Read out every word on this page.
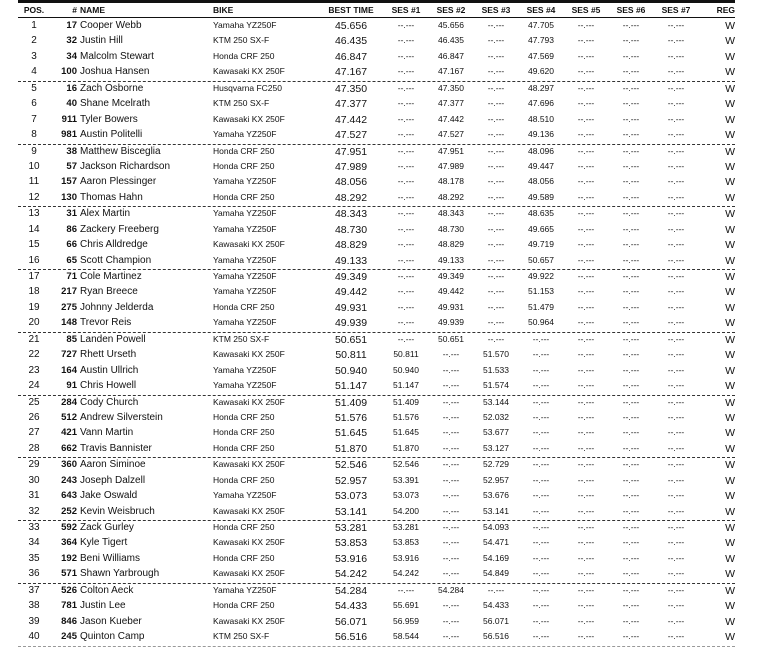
POS.	# NAME	BIKE	BEST TIME	SES #1	SES #2	SES #3	SES #4	SES #5	SES #6	SES #7	REG
1	17 Cooper Webb	Yamaha YZ250F	45.656	--.---	45.656	--.---	47.705	--.---	--.---	--.---	W
2	32 Justin Hill	KTM 250 SX-F	46.435	--.---	46.435	--.---	47.793	--.---	--.---	--.---	W
3	34 Malcolm Stewart	Honda CRF 250	46.847	--.---	46.847	--.---	47.569	--.---	--.---	--.---	W
4	100 Joshua Hansen	Kawasaki KX 250F	47.167	--.---	47.167	--.---	49.620	--.---	--.---	--.---	W
5	16 Zach Osborne	Husqvarna FC250	47.350	--.---	47.350	--.---	48.297	--.---	--.---	--.---	W
6	40 Shane Mcelrath	KTM 250 SX-F	47.377	--.---	47.377	--.---	47.696	--.---	--.---	--.---	W
7	911 Tyler Bowers	Kawasaki KX 250F	47.442	--.---	47.442	--.---	48.510	--.---	--.---	--.---	W
8	981 Austin Politelli	Yamaha YZ250F	47.527	--.---	47.527	--.---	49.136	--.---	--.---	--.---	W
9	38 Matthew Bisceglia	Honda CRF 250	47.951	--.---	47.951	--.---	48.096	--.---	--.---	--.---	W
10	57 Jackson Richardson	Honda CRF 250	47.989	--.---	47.989	--.---	49.447	--.---	--.---	--.---	W
11	157 Aaron Plessinger	Yamaha YZ250F	48.056	--.---	48.178	--.---	48.056	--.---	--.---	--.---	W
12	130 Thomas Hahn	Honda CRF 250	48.292	--.---	48.292	--.---	49.589	--.---	--.---	--.---	W
13	31 Alex Martin	Yamaha YZ250F	48.343	--.---	48.343	--.---	48.635	--.---	--.---	--.---	W
14	86 Zackery Freeberg	Yamaha YZ250F	48.730	--.---	48.730	--.---	49.665	--.---	--.---	--.---	W
15	66 Chris Alldredge	Kawasaki KX 250F	48.829	--.---	48.829	--.---	49.719	--.---	--.---	--.---	W
16	65 Scott Champion	Yamaha YZ250F	49.133	--.---	49.133	--.---	50.657	--.---	--.---	--.---	W
17	71 Cole Martinez	Yamaha YZ250F	49.349	--.---	49.349	--.---	49.922	--.---	--.---	--.---	W
18	217 Ryan Breece	Yamaha YZ250F	49.442	--.---	49.442	--.---	51.153	--.---	--.---	--.---	W
19	275 Johnny Jelderda	Honda CRF 250	49.931	--.---	49.931	--.---	51.479	--.---	--.---	--.---	W
20	148 Trevor Reis	Yamaha YZ250F	49.939	--.---	49.939	--.---	50.964	--.---	--.---	--.---	W
21	85 Landen Powell	KTM 250 SX-F	50.651	--.---	50.651	--.---	--.---	--.---	--.---	--.---	W
22	727 Rhett Urseth	Kawasaki KX 250F	50.811	50.811	--.---	51.570	--.---	--.---	--.---	--.---	W
23	164 Austin Ullrich	Yamaha YZ250F	50.940	50.940	--.---	51.533	--.---	--.---	--.---	--.---	W
24	91 Chris Howell	Yamaha YZ250F	51.147	51.147	--.---	51.574	--.---	--.---	--.---	--.---	W
25	284 Cody Church	Kawasaki KX 250F	51.409	51.409	--.---	53.144	--.---	--.---	--.---	--.---	W
26	512 Andrew Silverstein	Honda CRF 250	51.576	51.576	--.---	52.032	--.---	--.---	--.---	--.---	W
27	421 Vann Martin	Honda CRF 250	51.645	51.645	--.---	53.677	--.---	--.---	--.---	--.---	W
28	662 Travis Bannister	Honda CRF 250	51.870	51.870	--.---	53.127	--.---	--.---	--.---	--.---	W
29	360 Aaron Siminoe	Kawasaki KX 250F	52.546	52.546	--.---	52.729	--.---	--.---	--.---	--.---	W
30	243 Joseph Dalzell	Honda CRF 250	52.957	53.391	--.---	52.957	--.---	--.---	--.---	--.---	W
31	643 Jake Oswald	Yamaha YZ250F	53.073	53.073	--.---	53.676	--.---	--.---	--.---	--.---	W
32	252 Kevin Weisbruch	Kawasaki KX 250F	53.141	54.200	--.---	53.141	--.---	--.---	--.---	--.---	W
33	592 Zack Gurley	Honda CRF 250	53.281	53.281	--.---	54.093	--.---	--.---	--.---	--.---	W
34	364 Kyle Tigert	Kawasaki KX 250F	53.853	53.853	--.---	54.471	--.---	--.---	--.---	--.---	W
35	192 Beni Williams	Honda CRF 250	53.916	53.916	--.---	54.169	--.---	--.---	--.---	--.---	W
36	571 Shawn Yarbrough	Kawasaki KX 250F	54.242	54.242	--.---	54.849	--.---	--.---	--.---	--.---	W
37	526 Colton Aeck	Yamaha YZ250F	54.284	--.---	54.284	--.---	--.---	--.---	--.---	--.---	W
38	781 Justin Lee	Honda CRF 250	54.433	55.691	--.---	54.433	--.---	--.---	--.---	--.---	W
39	846 Jason Kueber	Kawasaki KX 250F	56.071	56.959	--.---	56.071	--.---	--.---	--.---	--.---	W
40	245 Quinton Camp	KTM 250 SX-F	56.516	58.544	--.---	56.516	--.---	--.---	--.---	--.---	W
